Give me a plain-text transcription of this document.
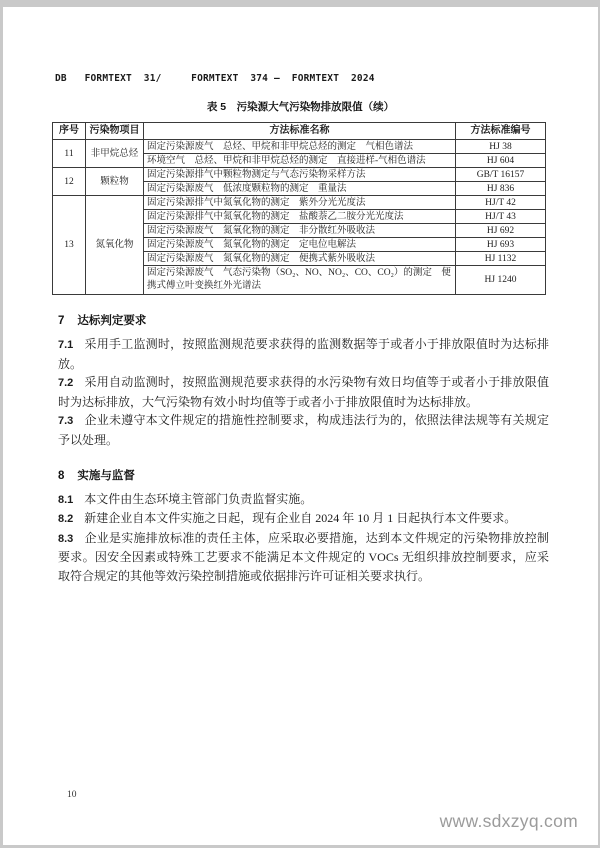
DB   FORMTEXT  31/     FORMTEXT  374 —  FORMTEXT  2024
表 5　污染源大气污染物排放限值（续）
序号	污染物项目	方法标准名称	方法标准编号
11	非甲烷总烃	固定污染源废气　总烃、甲烷和非甲烷总烃的测定　气相色谱法	HJ 38
		环境空气　总烃、甲烷和非甲烷总烃的测定　直接进样-气相色谱法	HJ 604
12	颗粒物	固定污染源排气中颗粒物测定与气态污染物采样方法	GB/T 16157
		固定污染源废气　低浓度颗粒物的测定　重量法	HJ 836
13	氮氧化物	固定污染源排气中氮氧化物的测定　紫外分光光度法	HJ/T 42
		固定污染源排气中氮氧化物的测定　盐酸萘乙二胺分光光度法	HJ/T 43
		固定污染源废气　氮氧化物的测定　非分散红外吸收法	HJ 692
		固定污染源废气　氮氧化物的测定　定电位电解法	HJ 693
		固定污染源废气　氮氧化物的测定　便携式紫外吸收法	HJ 1132
		固定污染源废气　气态污染物（SO₂、NO、NO₂、CO、CO₂）的测定　便携式傅立叶变换红外光谱法	HJ 1240
7 达标判定要求

7.1 采用手工监测时，按照监测规范要求获得的监测数据等于或者小于排放限值时为达标排放。

7.2 采用自动监测时，按照监测规范要求获得的水污染物有效日均值等于或者小于排放限值时为达标排放，大气污染物有效小时均值等于或者小于排放限值时为达标排放。

7.3 企业未遵守本文件规定的措施性控制要求，构成违法行为的，依照法律法规等有关规定予以处理。

8 实施与监督

8.1 本文件由生态环境主管部门负责监督实施。

8.2 新建企业自本文件实施之日起，现有企业自 2024 年 10 月 1 日起执行本文件要求。

8.3 企业是实施排放标准的责任主体，应采取必要措施，达到本文件规定的污染物排放控制要求。因安全因素或特殊工艺要求不能满足本文件规定的 VOCs 无组织排放控制要求，应采取符合规定的其他等效污染控制措施或依据排污许可证相关要求执行。

10
www.sdxzyq.com
